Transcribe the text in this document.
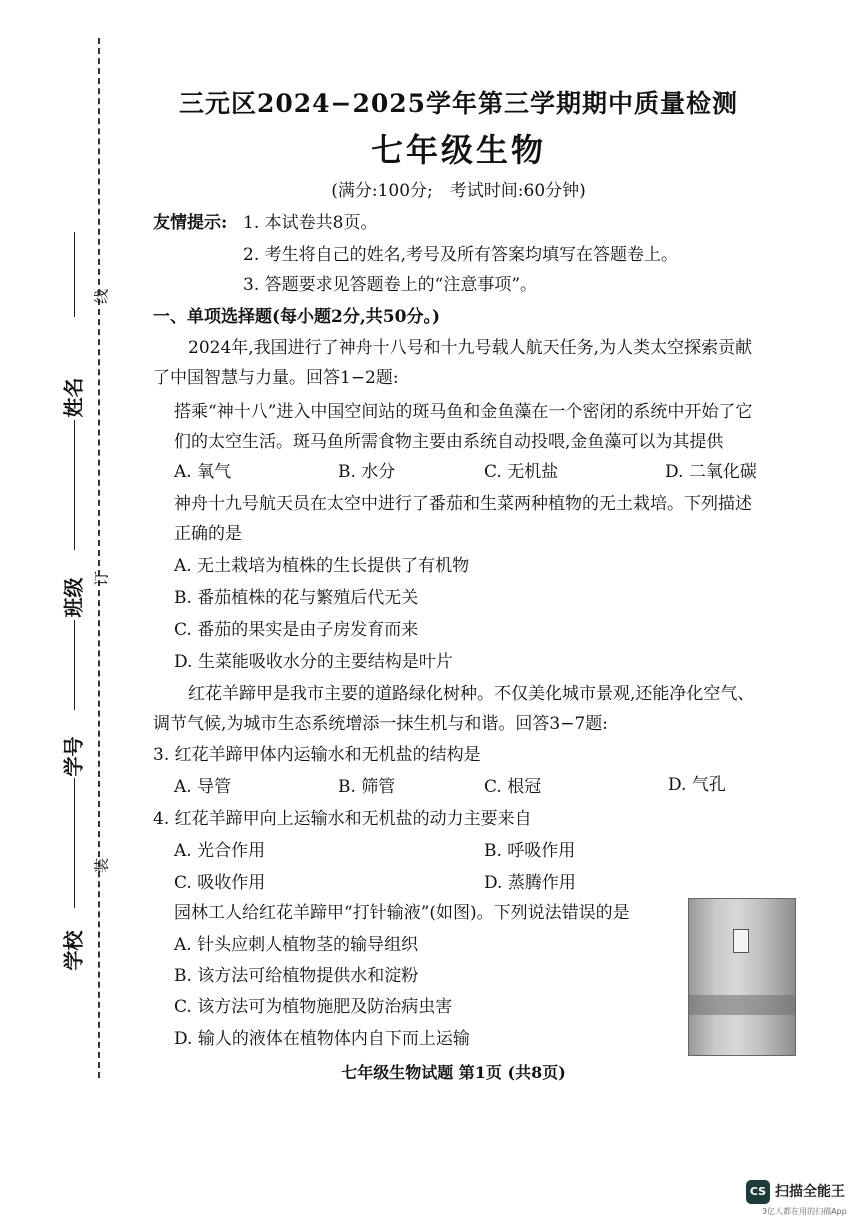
姓名
班级
学号
学校
线
订
装
三元区2024−2025学年第三学期期中质量检测
七年级生物
(满分:100分;　考试时间:60分钟)
友情提示: 1. 本试卷共8页。
2. 考生将自己的姓名,考号及所有答案均填写在答题卷上。
3. 答题要求见答题卷上的“注意事项”。
一、单项选择题(每小题2分,共50分。)
2024年,我国进行了神舟十八号和十九号载人航天任务,为人类太空探索贡献
了中国智慧与力量。回答1−2题:
搭乘“神十八”进入中国空间站的斑马鱼和金鱼藻在一个密闭的系统中开始了它
们的太空生活。斑马鱼所需食物主要由系统自动投喂,金鱼藻可以为其提供
A. 氧气	B. 水分	C. 无机盐	D. 二氧化碳
神舟十九号航天员在太空中进行了番茄和生菜两种植物的无土栽培。下列描述
正确的是
A. 无土栽培为植株的生长提供了有机物
B. 番茄植株的花与繁殖后代无关
C. 番茄的果实是由子房发育而来
D. 生菜能吸收水分的主要结构是叶片
红花羊蹄甲是我市主要的道路绿化树种。不仅美化城市景观,还能净化空气、
调节气候,为城市生态系统增添一抹生机与和谐。回答3−7题:
3. 红花羊蹄甲体内运输水和无机盐的结构是
A. 导管	B. 筛管	C. 根冠	D. 气孔
4. 红花羊蹄甲向上运输水和无机盐的动力主要来自
A. 光合作用	B. 呼吸作用
C. 吸收作用	D. 蒸腾作用
园林工人给红花羊蹄甲“打针输液”(如图)。下列说法错误的是
A. 针头应刺人植物茎的输导组织
B. 该方法可给植物提供水和淀粉
C. 该方法可为植物施肥及防治病虫害
D. 输人的液体在植物体内自下而上运输
七年级生物试题 第1页 (共8页)
CS 扫描全能王
3亿人都在用的扫描App
